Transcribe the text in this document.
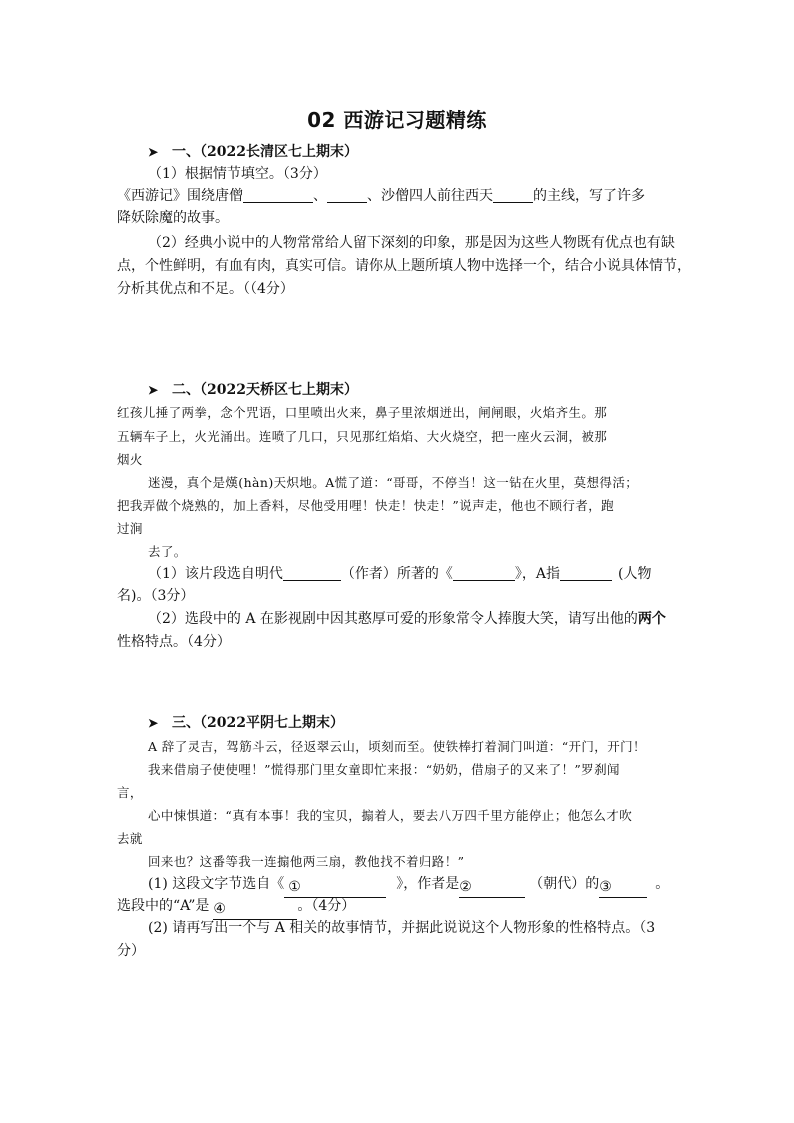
02 西游记习题精练
➤ 一、（2022长清区七上期末）
（1）根据情节填空。（3分）
《西游记》围绕唐僧	、	、沙僧四人前往西天	的主线，写了许多
降妖除魔的故事。
（2）经典小说中的人物常常给人留下深刻的印象，那是因为这些人物既有优点也有缺
点，个性鲜明，有血有肉，真实可信。请你从上题所填人物中选择一个，结合小说具体情节，
分析其优点和不足。（（4分）
➤ 二、（2022天桥区七上期末）
红孩儿捶了两拳，念个咒语，口里喷出火来，鼻子里浓烟迸出，闸闸眼，火焰齐生。那
五辆车子上，火光涌出。连喷了几口，只见那红焰焰、大火烧空，把一座火云洞，被那
烟火
迷漫，真个是熯(hàn)天炽地。A慌了道：“哥哥，不停当！这一钻在火里，莫想得活；
把我弄做个烧熟的，加上香料，尽他受用哩！快走！快走！”说声走，他也不顾行者，跑
过涧
去了。
（1）该片段选自明代	（作者）所著的《	》，A指	(人物
名)。（3分）
（2）选段中的 A 在影视剧中因其憨厚可爱的形象常令人捧腹大笑，请写出他的两个
性格特点。（4分）
➤ 三、（2022平阴七上期末）
A 辞了灵吉，驾筋斗云，径返翠云山，顷刻而至。使铁棒打着洞门叫道：“开门，开门！
我来借扇子使使哩！”慌得那门里女童即忙来报：“奶奶，借扇子的又来了！”罗刹闻
言，
心中悚惧道：“真有本事！我的宝贝，搧着人，要去八万四千里方能停止；他怎么才吹
去就
回来也？这番等我一连搧他两三扇，教他找不着归路！”
(1) 这段文字节选自《 ①	》，作者是②	（朝代）的③	。
选段中的“A”是 ④	。（4分）
(2) 请再写出一个与 A 相关的故事情节，并据此说说这个人物形象的性格特点。（3
分）
